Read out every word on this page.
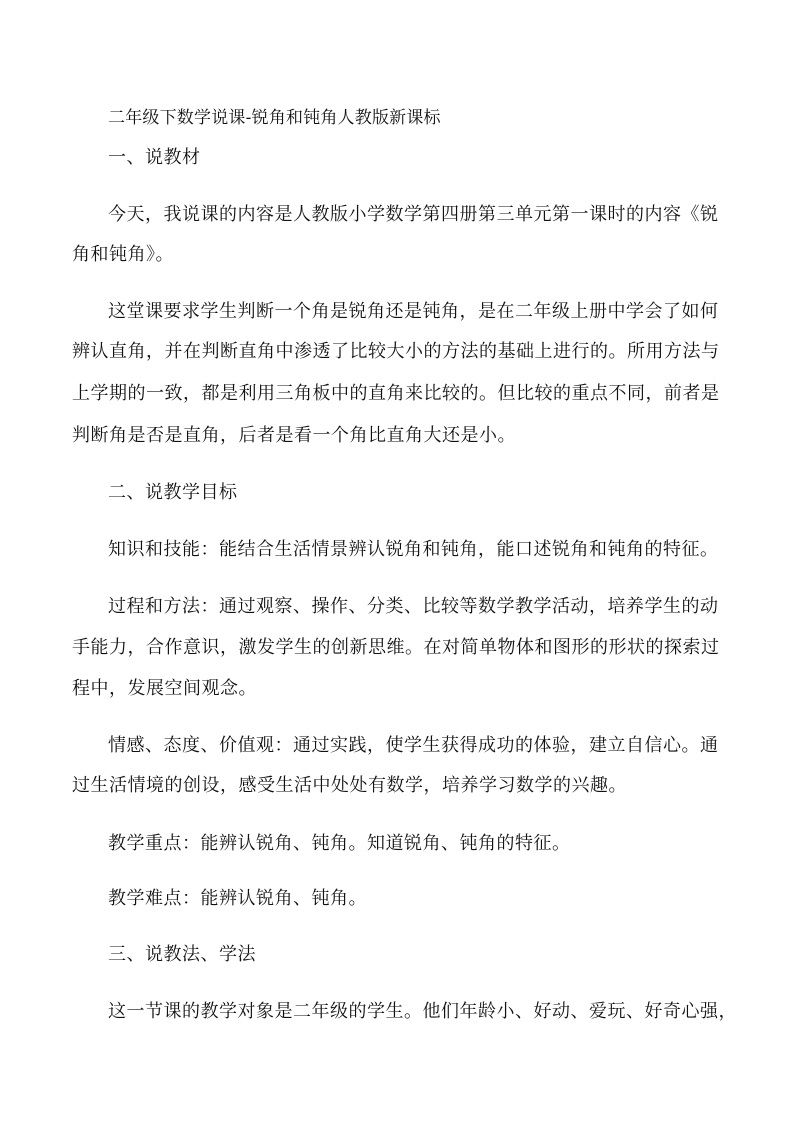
二年级下数学说课-锐角和钝角人教版新课标
一、说教材
今天，我说课的内容是人教版小学数学第四册第三单元第一课时的内容《锐
角和钝角》。
这堂课要求学生判断一个角是锐角还是钝角，是在二年级上册中学会了如何
辨认直角，并在判断直角中渗透了比较大小的方法的基础上进行的。所用方法与
上学期的一致，都是利用三角板中的直角来比较的。但比较的重点不同，前者是
判断角是否是直角，后者是看一个角比直角大还是小。
二、说教学目标
知识和技能：能结合生活情景辨认锐角和钝角，能口述锐角和钝角的特征。
过程和方法：通过观察、操作、分类、比较等数学教学活动，培养学生的动
手能力，合作意识，激发学生的创新思维。在对简单物体和图形的形状的探索过
程中，发展空间观念。
情感、态度、价值观：通过实践，使学生获得成功的体验，建立自信心。通
过生活情境的创设，感受生活中处处有数学，培养学习数学的兴趣。
教学重点：能辨认锐角、钝角。知道锐角、钝角的特征。
教学难点：能辨认锐角、钝角。
三、说教法、学法
这一节课的教学对象是二年级的学生。他们年龄小、好动、爱玩、好奇心强，
